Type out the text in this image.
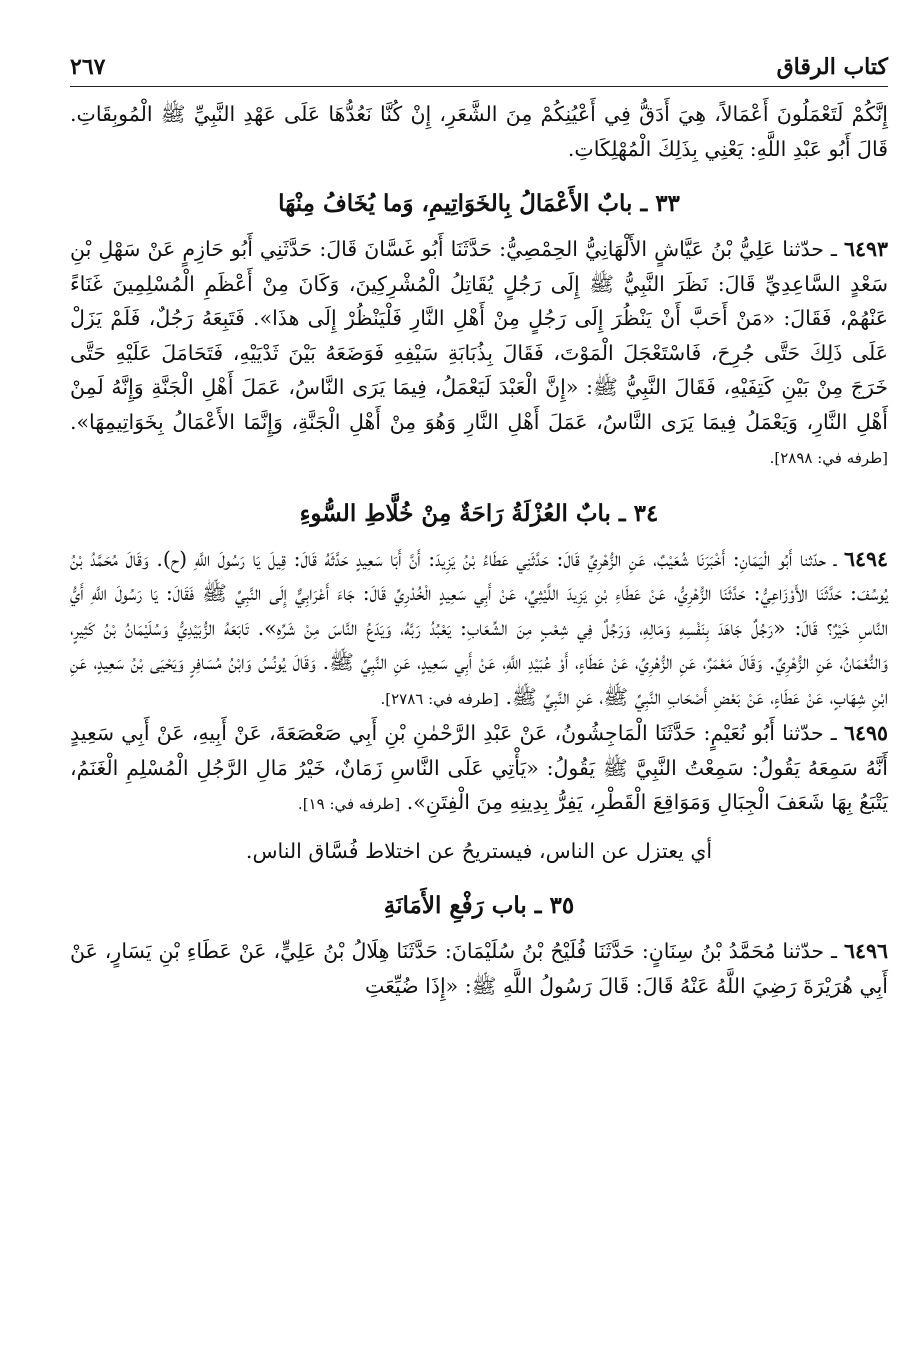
كتاب الرقاق
٢٦٧

إِنَّكُمْ لَتَعْمَلُونَ أَعْمَالاً، هِيَ أَدَقُّ فِي أَعْيُنِكُمْ مِنَ الشَّعَرِ، إِنْ كُنَّا نَعُدُّهَا عَلَى عَهْدِ النَّبِيِّ ﷺ الْمُوبِقَاتِ. قَالَ أَبُو عَبْدِ اللَّهِ: يَعْنِي بِذَلِكَ الْمُهْلِكَاتِ.

٣٣ ـ بابٌ الأَعْمَالُ بِالخَوَاتِيمِ، وَما يُخَافُ مِنْهَا

٦٤٩٣ ـ حدّثنا عَلِيُّ بْنُ عَيَّاشٍ الأَلْهَانِيُّ الحِمْصِيُّ: حَدَّثَنَا أَبُو غَسَّانَ قَالَ: حَدَّثَنِي أَبُو حَازِمٍ عَنْ سَهْلِ بْنِ سَعْدٍ السَّاعِدِيِّ قَالَ: نَظَرَ النَّبِيُّ ﷺ إِلَى رَجُلٍ يُقَاتِلُ الْمُشْرِكِينَ، وَكَانَ مِنْ أَعْظَمِ الْمُسْلِمِينَ غَنَاءً عَنْهُمْ، فَقَالَ: «مَنْ أَحَبَّ أَنْ يَنْظُرَ إِلَى رَجُلٍ مِنْ أَهْلِ النَّارِ فَلْيَنْظُرْ إِلَى هذَا». فَتَبِعَهُ رَجُلٌ، فَلَمْ يَزَلْ عَلَى ذَلِكَ حَتَّى جُرِحَ، فَاسْتَعْجَلَ الْمَوْتَ، فَقَالَ بِذُبَابَةِ سَيْفِهِ فَوَضَعَهُ بَيْنَ ثَدْيَيْهِ، فَتَحَامَلَ عَلَيْهِ حَتَّى خَرَجَ مِنْ بَيْنِ كَتِفَيْهِ، فَقَالَ النَّبِيُّ ﷺ: «إِنَّ الْعَبْدَ لَيَعْمَلُ، فِيمَا يَرَى النَّاسُ، عَمَلَ أَهْلِ الْجَنَّةِ وَإِنَّهُ لَمِنْ أَهْلِ النَّارِ، وَيَعْمَلُ فِيمَا يَرَى النَّاسُ، عَمَلَ أَهْلِ النَّارِ وَهُوَ مِنْ أَهْلِ الْجَنَّةِ، وَإِنَّمَا الأَعْمَالُ بِخَوَاتِيمِهَا». [طرفه في: ٢٨٩٨].

٣٤ ـ بابٌ العُزْلَةُ رَاحَةٌ مِنْ خُلَّاطِ السُّوءِ

٦٤٩٤ ـ حدّثنا أَبُو الْيَمَانِ: أَخْبَرَنَا شُعَيْبٌ، عَنِ الزُّهْرِيِّ قَالَ: حَدَّثَنِي عَطَاءُ بْنُ يَزِيدَ: أَنَّ أَبَا سَعِيدٍ حَدَّثَهُ قَالَ: قِيلَ يَا رَسُولَ اللَّهِ (ح). وَقَالَ مُحَمَّدُ بْنُ يُوسُفَ: حَدَّثَنَا الأَوْزَاعِيُّ: حَدَّثَنَا الزُّهْرِيُّ، عَنْ عَطَاءِ بْنِ يَزِيدَ اللَّيْثِيِّ، عَنْ أَبِي سَعِيدٍ الْخُدْرِيِّ قَالَ: جَاءَ أَعْرَابِيٌّ إِلَى النَّبِيِّ ﷺ فَقَالَ: يَا رَسُولَ اللَّهِ أَيُّ النَّاسِ خَيْرٌ؟ قَالَ: «رَجُلٌ جَاهَدَ بِنَفْسِهِ وَمَالِهِ، وَرَجُلٌ فِي شِعْبٍ مِنَ الشِّعَابِ: يَعْبُدُ رَبَّهُ، وَيَدَعُ النَّاسَ مِنْ شَرِّهِ». تَابَعَهُ الزُّبَيْدِيُّ وَسُلَيْمَانُ بْنُ كَثِيرٍ، وَالنُّعْمَانُ، عَنِ الزُّهْرِيِّ. وَقَالَ مَعْمَرٌ، عَنِ الزُّهْرِيِّ، عَنْ عَطَاءٍ، أَوْ عُبَيْدِ اللَّهِ، عَنْ أَبِي سَعِيدٍ، عَنِ النَّبِيِّ ﷺ. وَقَالَ يُونُسُ وَابْنُ مُسَافِرٍ وَيَحْيَى بْنُ سَعِيدٍ، عَنِ ابْنِ شِهَابٍ، عَنْ عَطَاءٍ، عَنْ بَعْضِ أَصْحَابِ النَّبِيِّ ﷺ، عَنِ النَّبِيِّ ﷺ. [طرفه في: ٢٧٨٦].

٦٤٩٥ ـ حدّثنا أَبُو نُعَيْمٍ: حَدَّثَنَا الْمَاجِشُونُ، عَنْ عَبْدِ الرَّحْمٰنِ بْنِ أَبِي صَعْصَعَةَ، عَنْ أَبِيهِ، عَنْ أَبِي سَعِيدٍ أَنَّهُ سَمِعَهُ يَقُولُ: سَمِعْتُ النَّبِيَّ ﷺ يَقُولُ: «يَأْتِي عَلَى النَّاسِ زَمَانٌ، خَيْرُ مَالِ الرَّجُلِ الْمُسْلِمِ الْغَنَمُ، يَتْبَعُ بِهَا شَعَفَ الْجِبَالِ وَمَوَاقِعَ الْقَطْرِ، يَفِرُّ بِدِينِهِ مِنَ الْفِتَنِ». [طرفه في: ١٩].

أي يعتزل عن الناس، فيستريحُ عن اختلاط فُسَّاق الناس.

٣٥ ـ باب رَفْعِ الأَمَانَةِ

٦٤٩٦ ـ حدّثنا مُحَمَّدُ بْنُ سِنَانٍ: حَدَّثَنَا فُلَيْحُ بْنُ سُلَيْمَانَ: حَدَّثَنَا هِلَالُ بْنُ عَلِيٍّ، عَنْ عَطَاءِ بْنِ يَسَارٍ، عَنْ أَبِي هُرَيْرَةَ رَضِيَ اللَّهُ عَنْهُ قَالَ: قَالَ رَسُولُ اللَّهِ ﷺ: «إِذَا ضُيِّعَتِ
